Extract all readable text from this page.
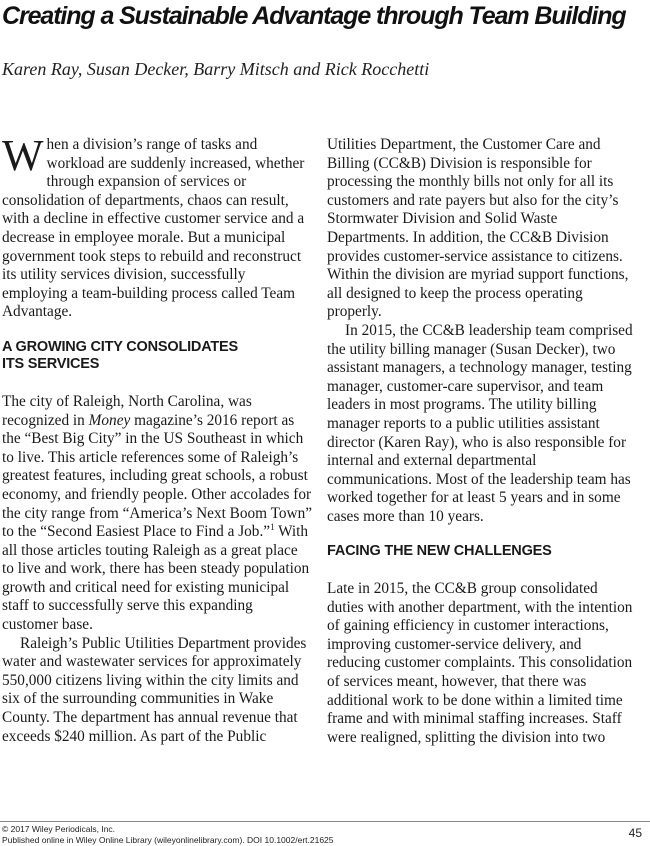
Creating a Sustainable Advantage through Team Building
Karen Ray, Susan Decker, Barry Mitsch and Rick Rocchetti

When a division’s range of tasks and workload are suddenly increased, whether through expansion of services or consolidation of departments, chaos can result, with a decline in effective customer service and a decrease in employee morale. But a municipal government took steps to rebuild and reconstruct its utility services division, successfully employing a team-building process called Team Advantage.

A GROWING CITY CONSOLIDATES
ITS SERVICES

The city of Raleigh, North Carolina, was recognized in Money magazine’s 2016 report as the “Best Big City” in the US Southeast in which to live. This article references some of Raleigh’s greatest features, including great schools, a robust economy, and friendly people. Other accolades for the city range from “America’s Next Boom Town” to the “Second Easiest Place to Find a Job.”$^1$ With all those articles touting Raleigh as a great place to live and work, there has been steady population growth and critical need for existing municipal staff to successfully serve this expanding customer base.

Raleigh’s Public Utilities Department provides water and wastewater services for approximately 550,000 citizens living within the city limits and six of the surrounding communities in Wake County. The department has annual revenue that exceeds $240 million. As part of the Public

Utilities Department, the Customer Care and Billing (CC&B) Division is responsible for processing the monthly bills not only for all its customers and rate payers but also for the city’s Stormwater Division and Solid Waste Departments. In addition, the CC&B Division provides customer-service assistance to citizens. Within the division are myriad support functions, all designed to keep the process operating properly.

In 2015, the CC&B leadership team comprised the utility billing manager (Susan Decker), two assistant managers, a technology manager, testing manager, customer-care supervisor, and team leaders in most programs. The utility billing manager reports to a public utilities assistant director (Karen Ray), who is also responsible for internal and external departmental communications. Most of the leadership team has worked together for at least 5 years and in some cases more than 10 years.

FACING THE NEW CHALLENGES

Late in 2015, the CC&B group consolidated duties with another department, with the intention of gaining efficiency in customer interactions, improving customer-service delivery, and reducing customer complaints. This consolidation of services meant, however, that there was additional work to be done within a limited time frame and with minimal staffing increases. Staff were realigned, splitting the division into two

© 2017 Wiley Periodicals, Inc.
Published online in Wiley Online Library (wileyonlinelibrary.com). DOI 10.1002/ert.21625	45
